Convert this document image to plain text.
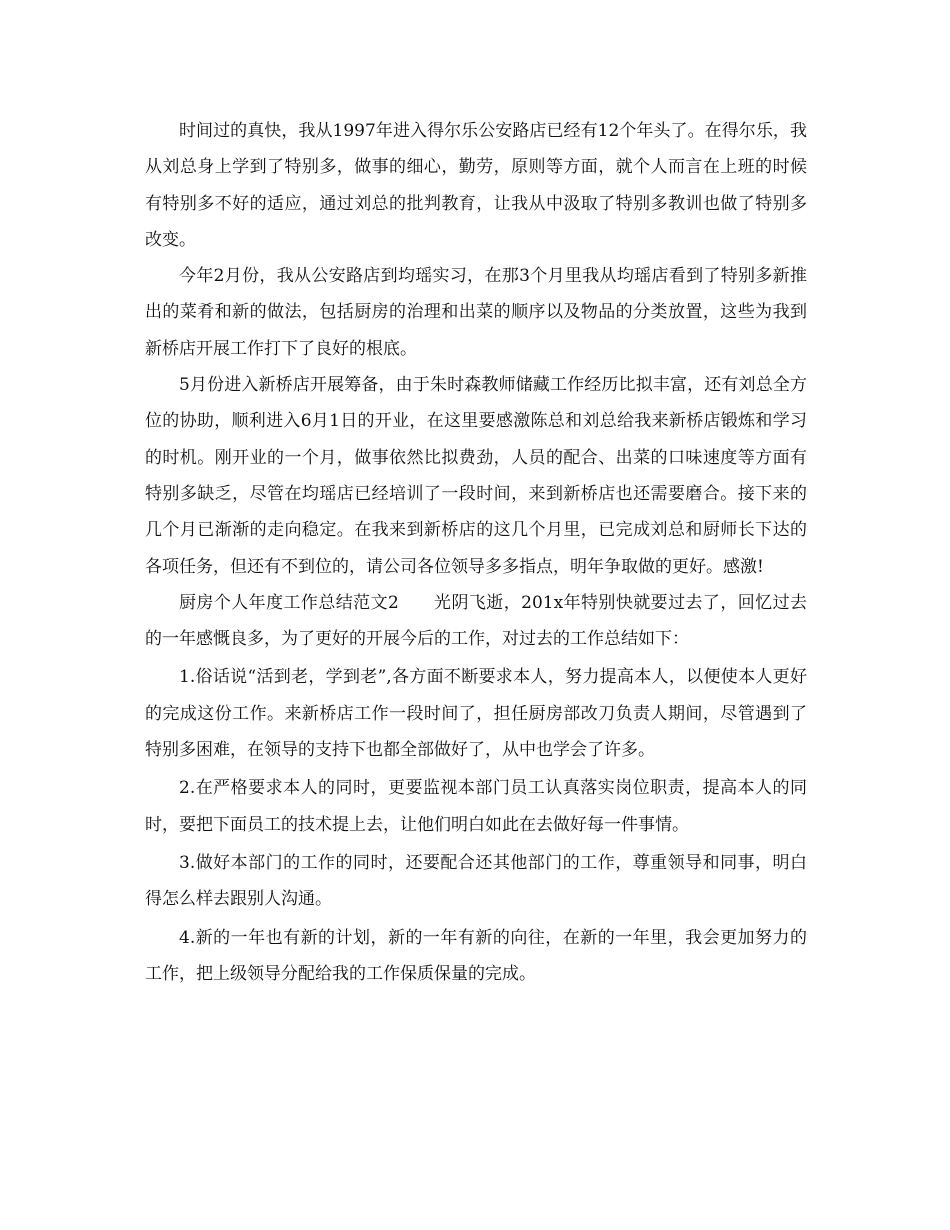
时间过的真快，我从1997年进入得尔乐公安路店已经有12个年头了。在得尔乐，我从刘总身上学到了特别多，做事的细心，勤劳，原则等方面，就个人而言在上班的时候有特别多不好的适应，通过刘总的批判教育，让我从中汲取了特别多教训也做了特别多改变。

今年2月份，我从公安路店到均瑶实习，在那3个月里我从均瑶店看到了特别多新推出的菜肴和新的做法，包括厨房的治理和出菜的顺序以及物品的分类放置，这些为我到新桥店开展工作打下了良好的根底。

5月份进入新桥店开展筹备，由于朱时森教师储藏工作经历比拟丰富，还有刘总全方位的协助，顺利进入6月1日的开业，在这里要感激陈总和刘总给我来新桥店锻炼和学习的时机。刚开业的一个月，做事依然比拟费劲，人员的配合、出菜的口味速度等方面有特别多缺乏，尽管在均瑶店已经培训了一段时间，来到新桥店也还需要磨合。接下来的几个月已渐渐的走向稳定。在我来到新桥店的这几个月里，已完成刘总和厨师长下达的各项任务，但还有不到位的，请公司各位领导多多指点，明年争取做的更好。感激!

厨房个人年度工作总结范文2　　光阴飞逝，201x年特别快就要过去了，回忆过去的一年感慨良多，为了更好的开展今后的工作，对过去的工作总结如下：

1.俗话说“活到老，学到老”,各方面不断要求本人，努力提高本人，以便使本人更好的完成这份工作。来新桥店工作一段时间了，担任厨房部改刀负责人期间，尽管遇到了特别多困难，在领导的支持下也都全部做好了，从中也学会了许多。

2.在严格要求本人的同时，更要监视本部门员工认真落实岗位职责，提高本人的同时，要把下面员工的技术提上去，让他们明白如此在去做好每一件事情。

3.做好本部门的工作的同时，还要配合还其他部门的工作，尊重领导和同事，明白得怎么样去跟别人沟通。

4.新的一年也有新的计划，新的一年有新的向往，在新的一年里，我会更加努力的工作，把上级领导分配给我的工作保质保量的完成。
